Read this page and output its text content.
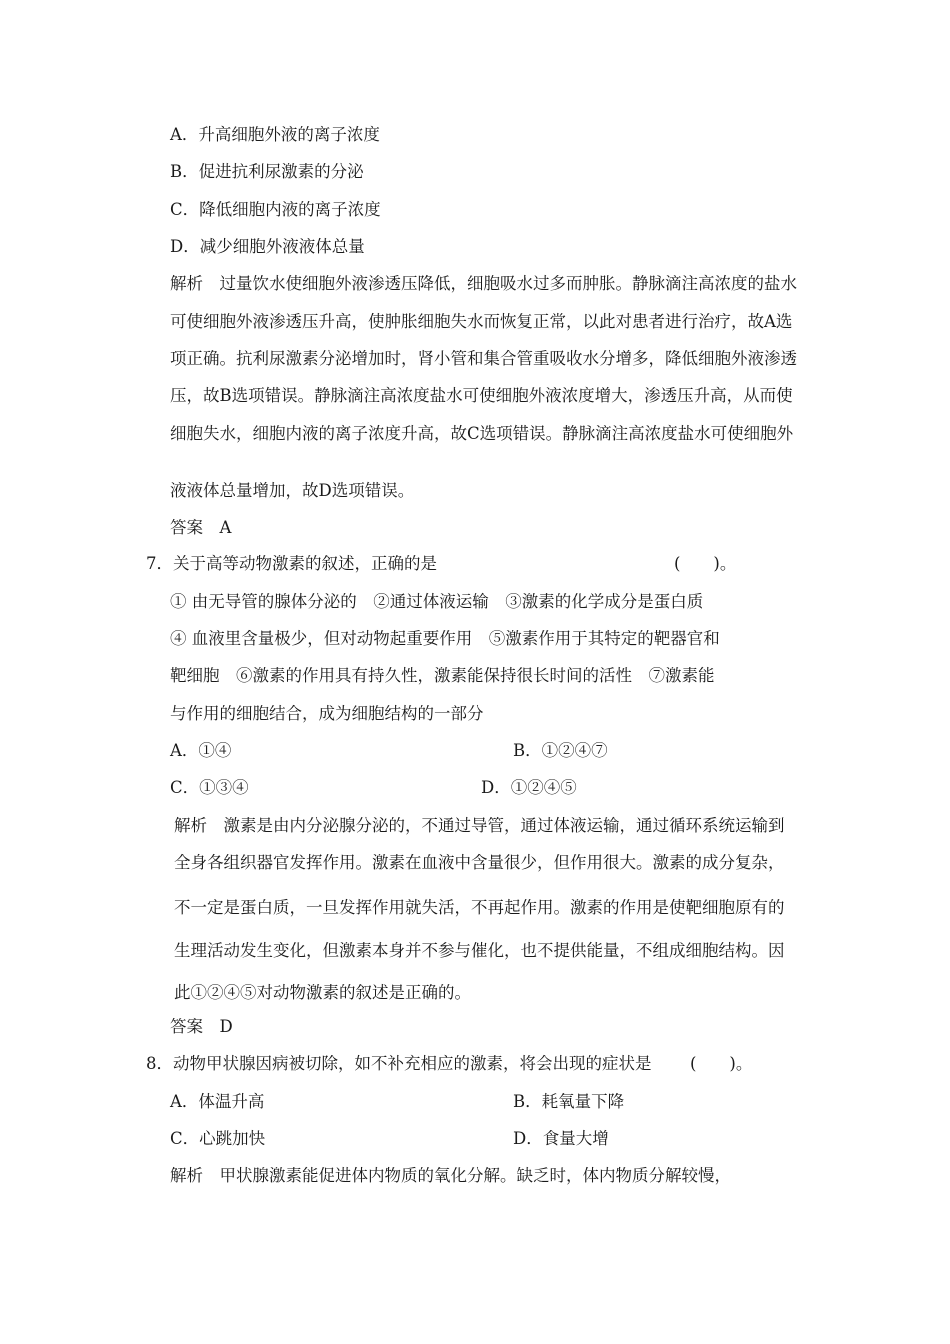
A．升高细胞外液的离子浓度
B．促进抗利尿激素的分泌
C．降低细胞内液的离子浓度
D．减少细胞外液液体总量
解析　过量饮水使细胞外液渗透压降低，细胞吸水过多而肿胀。静脉滴注高浓度的盐水
可使细胞外液渗透压升高，使肿胀细胞失水而恢复正常，以此对患者进行治疗，故A选
项正确。抗利尿激素分泌增加时，肾小管和集合管重吸收水分增多，降低细胞外液渗透
压，故B选项错误。静脉滴注高浓度盐水可使细胞外液浓度增大，渗透压升高，从而使
细胞失水，细胞内液的离子浓度升高，故C选项错误。静脉滴注高浓度盐水可使细胞外
液液体总量增加，故D选项错误。
答案　A
7．关于高等动物激素的叙述，正确的是	(　　)。
① 由无导管的腺体分泌的　②通过体液运输　③激素的化学成分是蛋白质
④ 血液里含量极少，但对动物起重要作用　⑤激素作用于其特定的靶器官和
靶细胞　⑥激素的作用具有持久性，激素能保持很长时间的活性　⑦激素能
与作用的细胞结合，成为细胞结构的一部分
A．①④	B．①②④⑦
C．①③④	D．①②④⑤
解析　激素是由内分泌腺分泌的，不通过导管，通过体液运输，通过循环系统运输到
全身各组织器官发挥作用。激素在血液中含量很少，但作用很大。激素的成分复杂，
不一定是蛋白质，一旦发挥作用就失活，不再起作用。激素的作用是使靶细胞原有的
生理活动发生变化，但激素本身并不参与催化，也不提供能量，不组成细胞结构。因
此①②④⑤对动物激素的叙述是正确的。
答案　D
8．动物甲状腺因病被切除，如不补充相应的激素，将会出现的症状是 (　　)。
A．体温升高	B．耗氧量下降
C．心跳加快	D．食量大增
解析　甲状腺激素能促进体内物质的氧化分解。缺乏时，体内物质分解较慢，
